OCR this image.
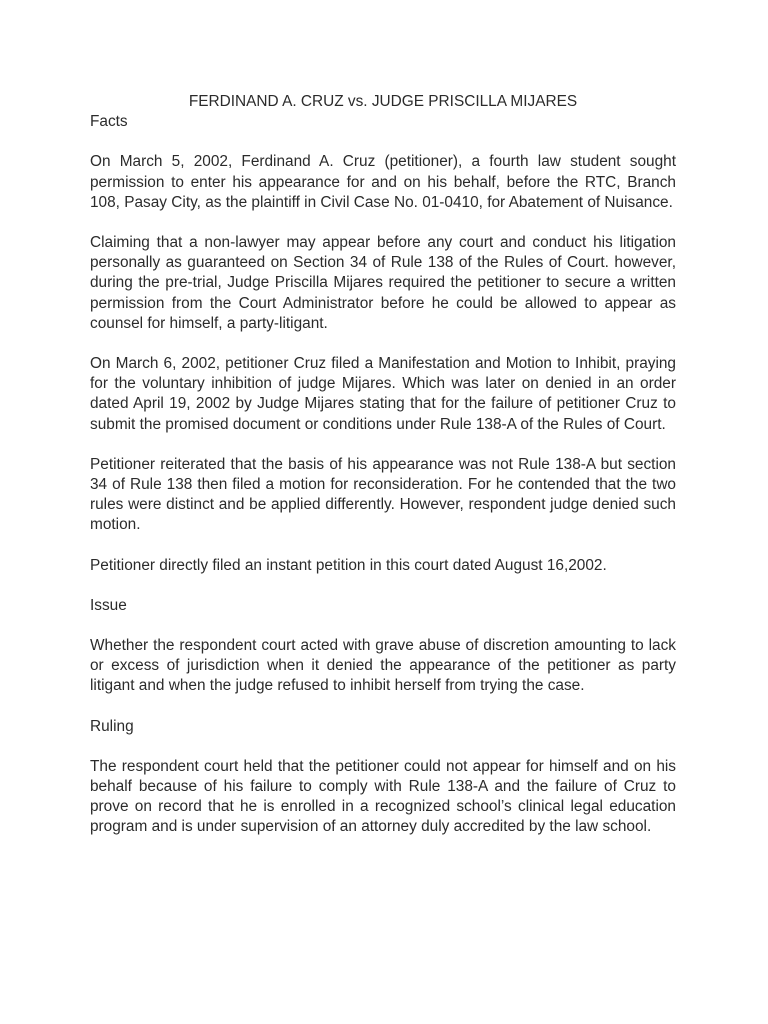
FERDINAND A. CRUZ vs. JUDGE PRISCILLA MIJARES
Facts

On March 5, 2002, Ferdinand A. Cruz (petitioner), a fourth law student sought permission to enter his appearance for and on his behalf, before the RTC, Branch 108, Pasay City, as the plaintiff in Civil Case No. 01-0410, for Abatement of Nuisance.

Claiming that a non-lawyer may appear before any court and conduct his litigation personally as guaranteed on Section 34 of Rule 138 of the Rules of Court. however, during the pre-trial, Judge Priscilla Mijares required the petitioner to secure a written permission from the Court Administrator before he could be allowed to appear as counsel for himself, a party-litigant.

On March 6, 2002, petitioner Cruz filed a Manifestation and Motion to Inhibit, praying for the voluntary inhibition of judge Mijares. Which was later on denied in an order dated April 19, 2002 by Judge Mijares stating that for the failure of petitioner Cruz to submit the promised document or conditions under Rule 138-A of the Rules of Court.

Petitioner reiterated that the basis of his appearance was not Rule 138-A but section 34 of Rule 138 then filed a motion for reconsideration. For he contended that the two rules were distinct and be applied differently. However, respondent judge denied such motion.

Petitioner directly filed an instant petition in this court dated August 16,2002.

Issue

Whether the respondent court acted with grave abuse of discretion amounting to lack or excess of jurisdiction when it denied the appearance of the petitioner as party litigant and when the judge refused to inhibit herself from trying the case.

Ruling

The respondent court held that the petitioner could not appear for himself and on his behalf because of his failure to comply with Rule 138-A and the failure of Cruz to prove on record that he is enrolled in a recognized school’s clinical legal education program and is under supervision of an attorney duly accredited by the law school.
